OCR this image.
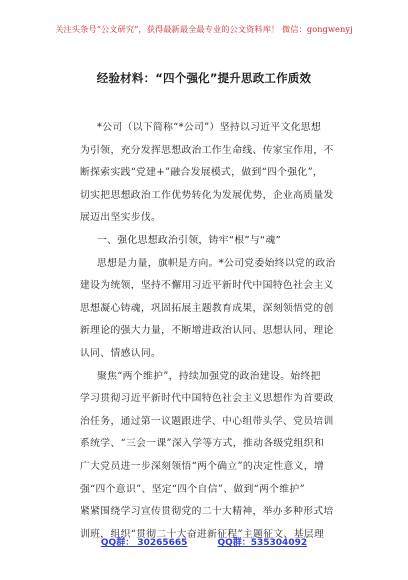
关注头条号“公文研究”，获得最新最全最专业的公文资料库！ 微信：gongwenyj
经验材料：“四个强化”提升思政工作质效
*公司（以下简称“*公司”）坚持以习近平文化思想
为引领，充分发挥思想政治工作生命线、传家宝作用，不
断探索实践“党建+”融合发展模式，做到“四个强化”，
切实把思想政治工作优势转化为发展优势，企业高质量发
展迈出坚实步伐。
一、强化思想政治引领，铸牢“根”与“魂”
思想是力量，旗帜是方向。*公司党委始终以党的政治
建设为统领，坚持不懈用习近平新时代中国特色社会主义
思想凝心铸魂，巩固拓展主题教育成果，深刻领悟党的创
新理论的强大力量，不断增进政治认同、思想认同、理论
认同、情感认同。
聚焦“两个维护”，持续加强党的政治建设。始终把
学习贯彻习近平新时代中国特色社会主义思想作为首要政
治任务，通过第一议题跟进学、中心组带头学、党员培训
系统学、“三会一课”深入学等方式，推动各级党组织和
广大党员进一步深刻领悟“两个确立”的决定性意义，增
强“四个意识”、坚定“四个自信”、做到“两个维护”
紧紧围绕学习宣传贯彻党的二十大精神，举办多种形式培
训班，组织“贯彻二十大奋进新征程”主题征文、基层理
QQ群： 30265665	QQ群：535304092
